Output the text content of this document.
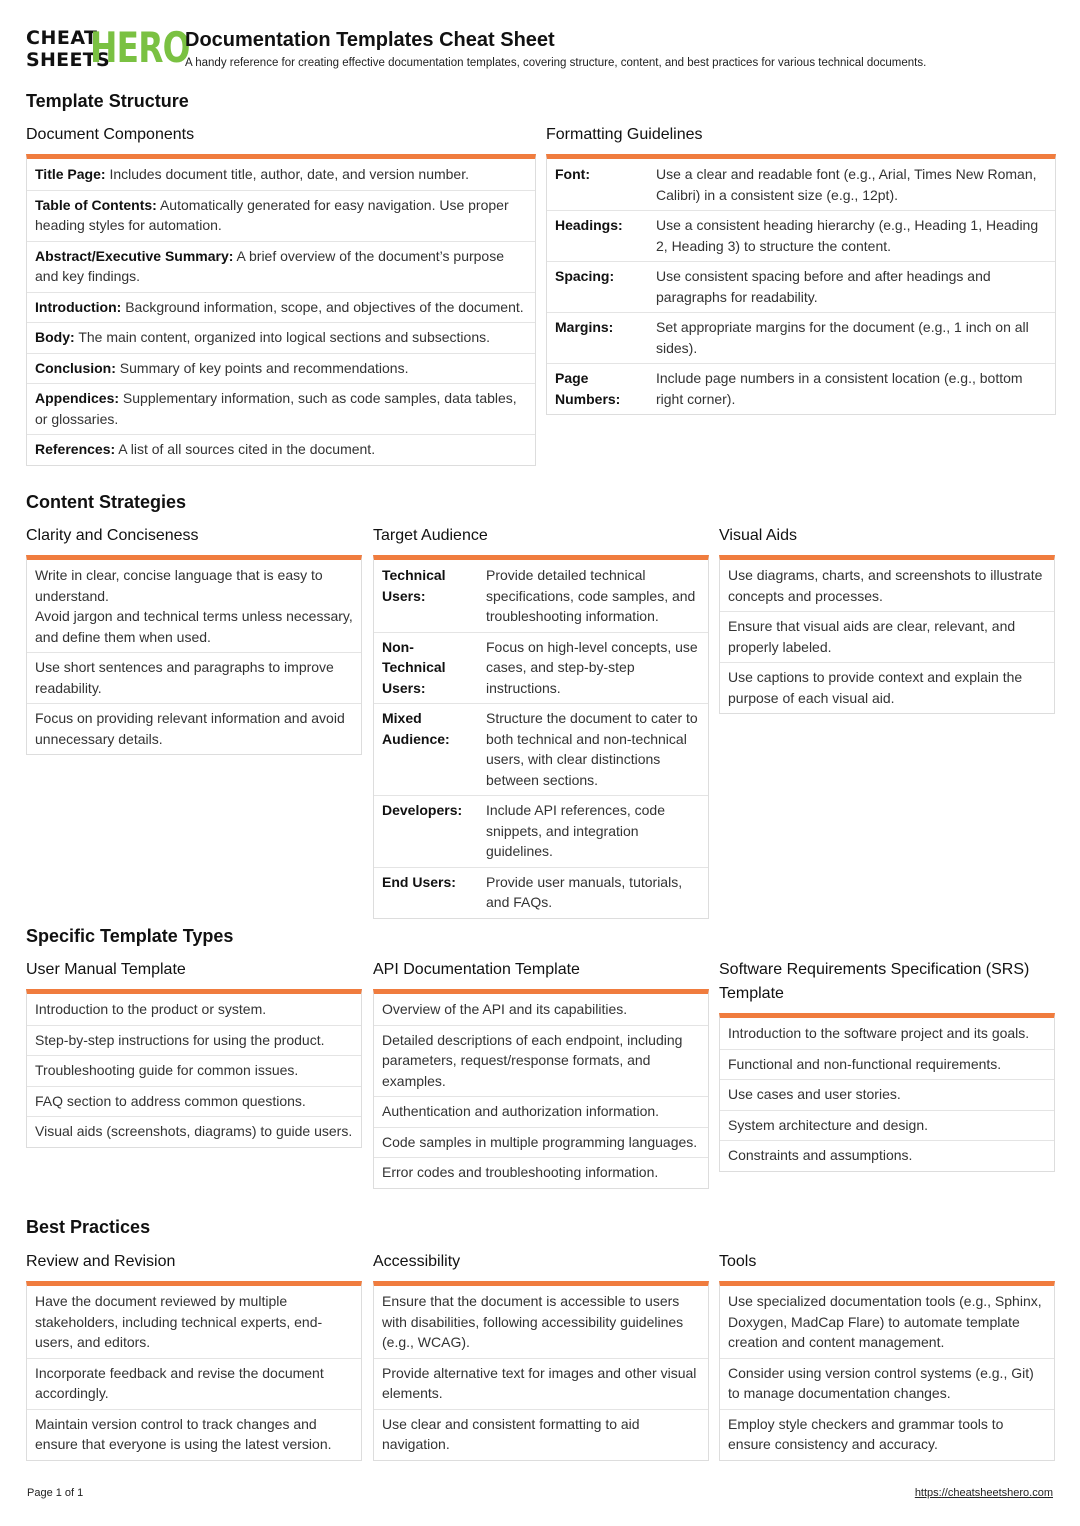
CHEAT
SHEETS
HERO
Documentation Templates Cheat Sheet

A handy reference for creating effective documentation templates, covering structure, content, and best practices for various technical documents.

Template Structure
Document Components
Title Page: Includes document title, author, date, and version number.
Table of Contents: Automatically generated for easy navigation. Use proper heading styles for automation.
Abstract/Executive Summary: A brief overview of the document’s purpose and key findings.
Introduction: Background information, scope, and objectives of the document.
Body: The main content, organized into logical sections and subsections.
Conclusion: Summary of key points and recommendations.
Appendices: Supplementary information, such as code samples, data tables, or glossaries.
References: A list of all sources cited in the document.
Formatting Guidelines
Font:	Use a clear and readable font (e.g., Arial, Times New Roman, Calibri) in a consistent size (e.g., 12pt).
Headings:	Use a consistent heading hierarchy (e.g., Heading 1, Heading 2, Heading 3) to structure the content.
Spacing:	Use consistent spacing before and after headings and paragraphs for readability.
Margins:	Set appropriate margins for the document (e.g., 1 inch on all sides).
Page Numbers:
Include page numbers in a consistent location (e.g., bottom right corner).
Content Strategies
Clarity and Conciseness
Write in clear, concise language that is easy to understand.
Avoid jargon and technical terms unless necessary, and define them when used.
Use short sentences and paragraphs to improve readability.
Focus on providing relevant information and avoid unnecessary details.
Target Audience
Technical Users:
Provide detailed technical specifications, code samples, and troubleshooting information.
Non-Technical Users:
Focus on high-level concepts, use cases, and step-by-step instructions.
Mixed Audience:
Structure the document to cater to both technical and non-technical users, with clear distinctions between sections.
Developers:	Include API references, code snippets, and integration guidelines.
End Users:	Provide user manuals, tutorials, and FAQs.
Visual Aids
Use diagrams, charts, and screenshots to illustrate concepts and processes.
Ensure that visual aids are clear, relevant, and properly labeled.
Use captions to provide context and explain the purpose of each visual aid.
Specific Template Types
User Manual Template
Introduction to the product or system.
Step-by-step instructions for using the product.
Troubleshooting guide for common issues.
FAQ section to address common questions.
Visual aids (screenshots, diagrams) to guide users.
API Documentation Template
Overview of the API and its capabilities.
Detailed descriptions of each endpoint, including parameters, request/response formats, and examples.
Authentication and authorization information.
Code samples in multiple programming languages.
Error codes and troubleshooting information.
Software Requirements Specification (SRS) Template
Introduction to the software project and its goals.
Functional and non-functional requirements.
Use cases and user stories.
System architecture and design.
Constraints and assumptions.
Best Practices
Review and Revision
Have the document reviewed by multiple stakeholders, including technical experts, end-users, and editors.
Incorporate feedback and revise the document accordingly.
Maintain version control to track changes and ensure that everyone is using the latest version.
Accessibility
Ensure that the document is accessible to users with disabilities, following accessibility guidelines (e.g., WCAG).
Provide alternative text for images and other visual elements.
Use clear and consistent formatting to aid navigation.
Tools
Use specialized documentation tools (e.g., Sphinx, Doxygen, MadCap Flare) to automate template creation and content management.
Consider using version control systems (e.g., Git) to manage documentation changes.
Employ style checkers and grammar tools to ensure consistency and accuracy.
Page 1 of 1	https://cheatsheetshero.com
